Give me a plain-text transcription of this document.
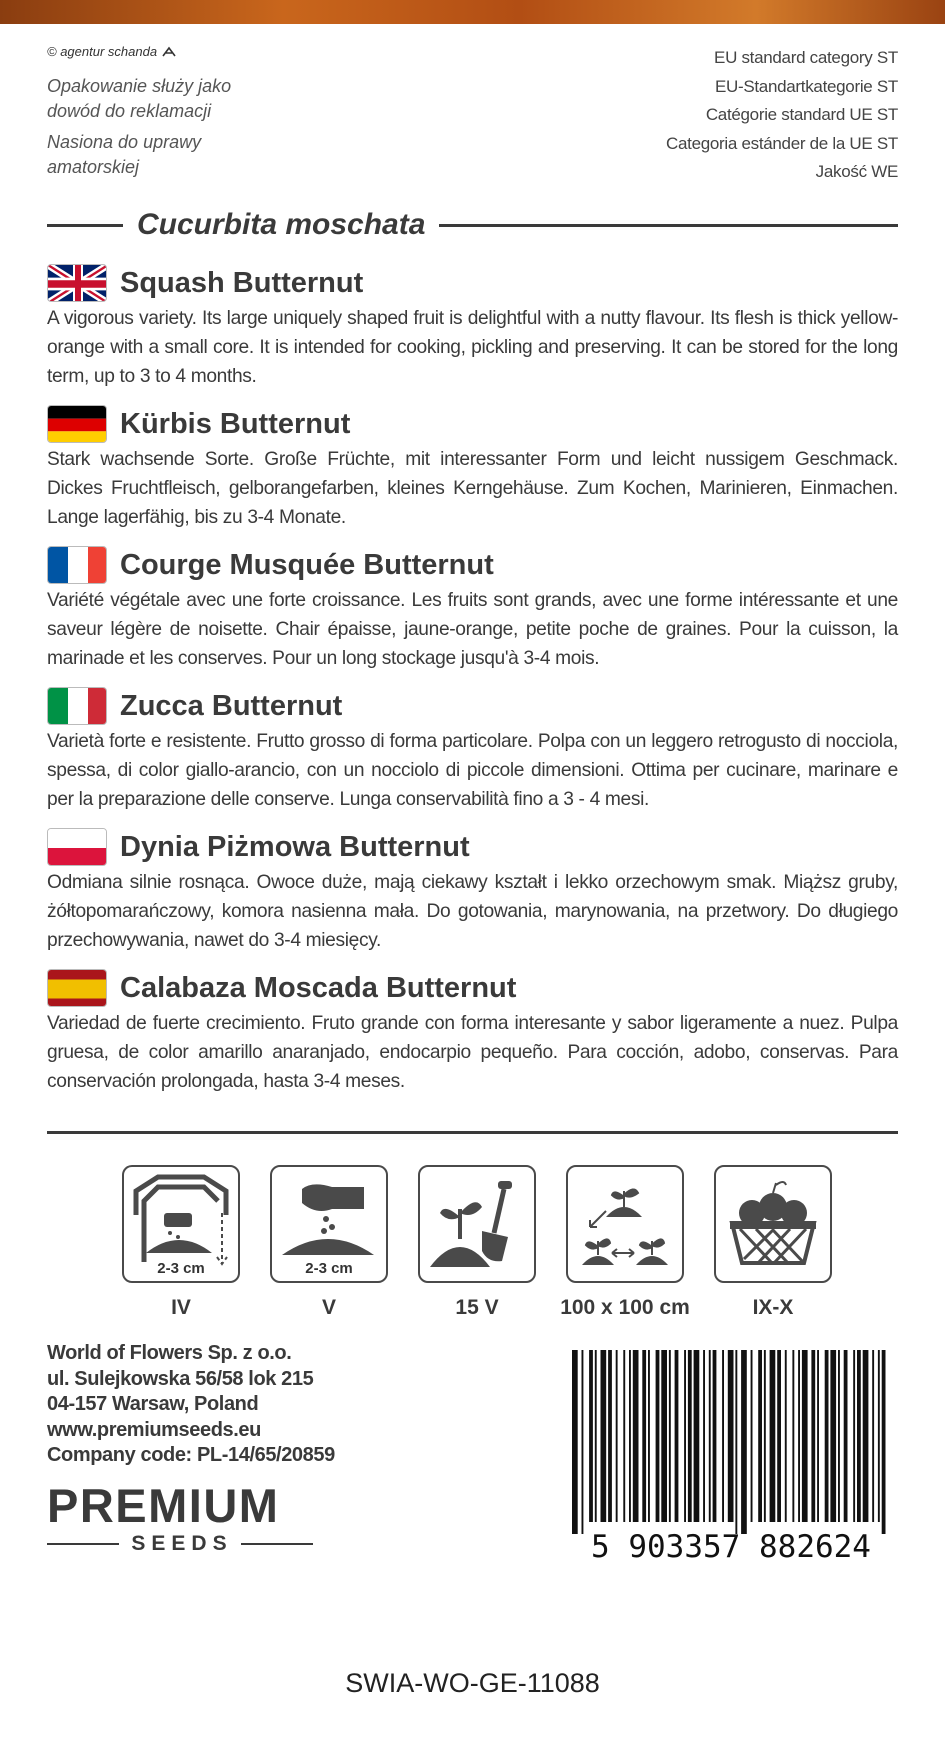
© agentur schanda

Opakowanie służy jako dowód do reklamacji

Nasiona do uprawy amatorskiej

EU standard category ST
EU-Standartkategorie ST
Catégorie standard UE ST
Categoria estánder de la UE ST
Jakość WE
Cucurbita moschata
Squash Butternut

A vigorous variety. Its large uniquely shaped fruit is delightful with a nutty flavour. Its flesh is thick yellow-orange with a small core. It is intended for cooking, pickling and preserving. It can be stored for the long term, up to 3 to 4 months.

Kürbis Butternut

Stark wachsende Sorte. Große Früchte, mit interessanter Form und leicht nussigem Geschmack. Dickes Fruchtfleisch, gelborangefarben, kleines Kerngehäuse. Zum Kochen, Marinieren, Einmachen. Lange lagerfähig, bis zu 3-4 Monate.

Courge Musquée Butternut

Variété végétale avec une forte croissance. Les fruits sont grands, avec une forme intéressante et une saveur légère de noisette. Chair épaisse, jaune-orange, petite poche de graines. Pour la cuisson, la marinade et les conserves. Pour un long stockage jusqu'à 3-4 mois.

Zucca Butternut

Varietà forte e resistente. Frutto grosso di forma particolare. Polpa con un leggero retrogusto di nocciola, spessa, di color giallo-arancio, con un nocciolo di piccole dimensioni. Ottima per cucinare, marinare e per la preparazione delle conserve. Lunga conservabilità fino a 3 - 4 mesi.

Dynia Piżmowa Butternut

Odmiana silnie rosnąca. Owoce duże, mają ciekawy kształt i lekko orzechowym smak. Miąższ gruby, żółtopomarańczowy, komora nasienna mała. Do gotowania, marynowania, na przetwory. Do długiego przechowywania, nawet do 3-4 miesięcy.

Calabaza Moscada Butternut

Variedad de fuerte crecimiento. Fruto grande con forma interesante y sabor ligeramente a nuez. Pulpa gruesa, de color amarillo anaranjado, endocarpio pequeño. Para cocción, adobo, conservas. Para conservación prolongada, hasta 3-4 meses.

2-3 cm	2-3 cm
IV	V	15 V	100 x 100 cm	IX-X
World of Flowers Sp. z o.o.
ul. Sulejkowska 56/58 lok 215
04-157 Warsaw, Poland
www.premiumseeds.eu
Company code: PL-14/65/20859
PREMIUM
SEEDS	5 903357 882624
SWIA-WO-GE-11088
